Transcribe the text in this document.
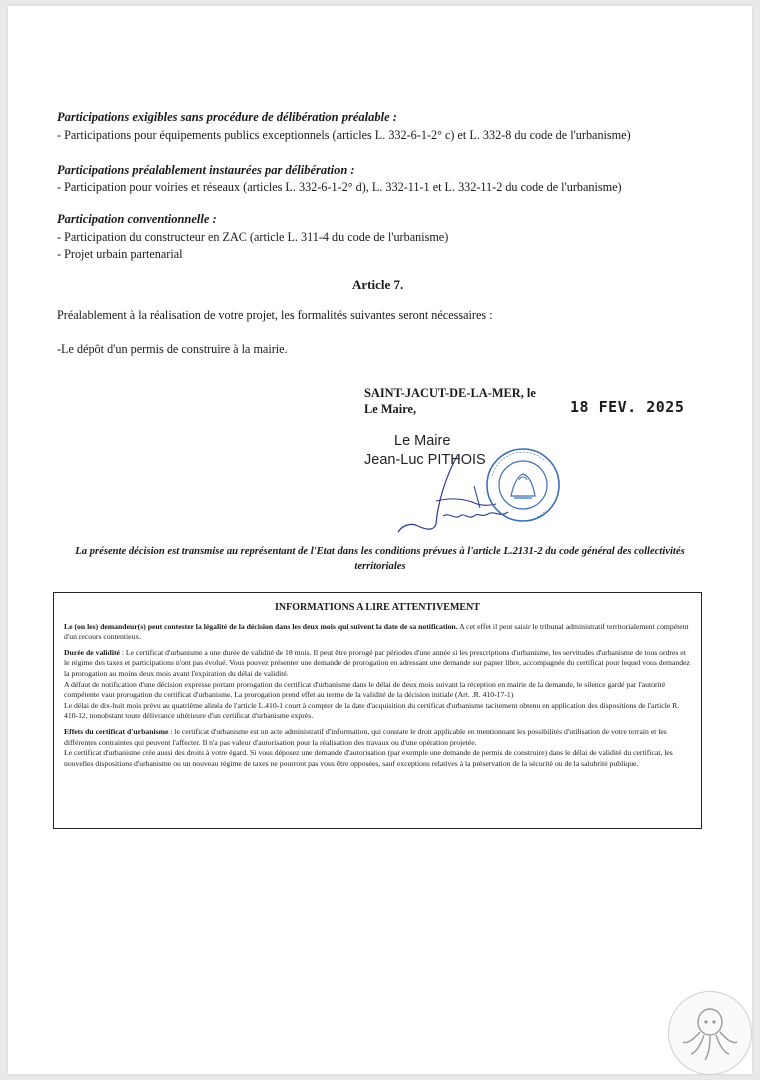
Participations exigibles sans procédure de délibération préalable :
- Participations pour équipements publics exceptionnels (articles L. 332-6-1-2° c) et L. 332-8 du code de l'urbanisme)
Participations préalablement instaurées par délibération :
- Participation pour voiries et réseaux (articles L. 332-6-1-2° d), L. 332-11-1 et L. 332-11-2 du code de l'urbanisme)
Participation conventionnelle :
- Participation du constructeur en ZAC (article L. 311-4 du code de l'urbanisme)
- Projet urbain partenarial
Article 7.
Préalablement à la réalisation de votre projet, les formalités suivantes seront nécessaires :
-Le dépôt d'un permis de construire à la mairie.
SAINT-JACUT-DE-LA-MER, le
Le Maire,	18 FEV. 2025
Le Maire
Jean-Luc PITHOIS
La présente décision est transmise au représentant de l'Etat dans les conditions prévues à l'article L.2131-2 du code général des collectivités territoriales
INFORMATIONS A LIRE ATTENTIVEMENT

Le (ou les) demandeur(s) peut contester la légalité de la décision dans les deux mois qui suivent la date de sa notification. A cet effet il peut saisir le tribunal administratif territorialement compétent d'un recours contentieux.

Durée de validité : Le certificat d'urbanisme a une durée de validité de 18 mois. Il peut être prorogé par périodes d'une année si les prescriptions d'urbanisme, les servitudes d'urbanisme de tous ordres et le régime des taxes et participations n'ont pas évolué. Vous pouvez présenter une demande de prorogation en adressant une demande sur papier libre, accompagnée du certificat pour lequel vous demandez la prorogation au moins deux mois avant l'expiration du délai de validité.

A défaut de notification d'une décision expresse portant prorogation du certificat d'urbanisme dans le délai de deux mois suivant la réception en mairie de la demande, le silence gardé par l'autorité compétente vaut prorogation du certificat d'urbanisme. La prorogation prend effet au terme de la validité de la décision initiale (Art. .R. 410-17-1)

Le délai de dix-huit mois prévu au quatrième alinéa de l'article L.410-1 court à compter de la date d'acquisition du certificat d'urbanisme tacitement obtenu en application des dispositions de l'article R. 410-12, nonobstant toute délivrance ultérieure d'un certificat d'urbanisme exprès.

Effets du certificat d'urbanisme : le certificat d'urbanisme est un acte administratif d'information, qui constate le droit applicable en mentionnant les possibilités d'utilisation de votre terrain et les différentes contraintes qui peuvent l'affecter. Il n'a pas valeur d'autorisation pour la réalisation des travaux ou d'une opération projetée.

Le certificat d'urbanisme crée aussi des droits à votre égard. Si vous déposez une demande d'autorisation (par exemple une demande de permis de construire) dans le délai de validité du certificat, les nouvelles dispositions d'urbanisme ou un nouveau régime de taxes ne pourront pas vous être opposées, sauf exceptions relatives à la préservation de la sécurité ou de la salubrité publique.
